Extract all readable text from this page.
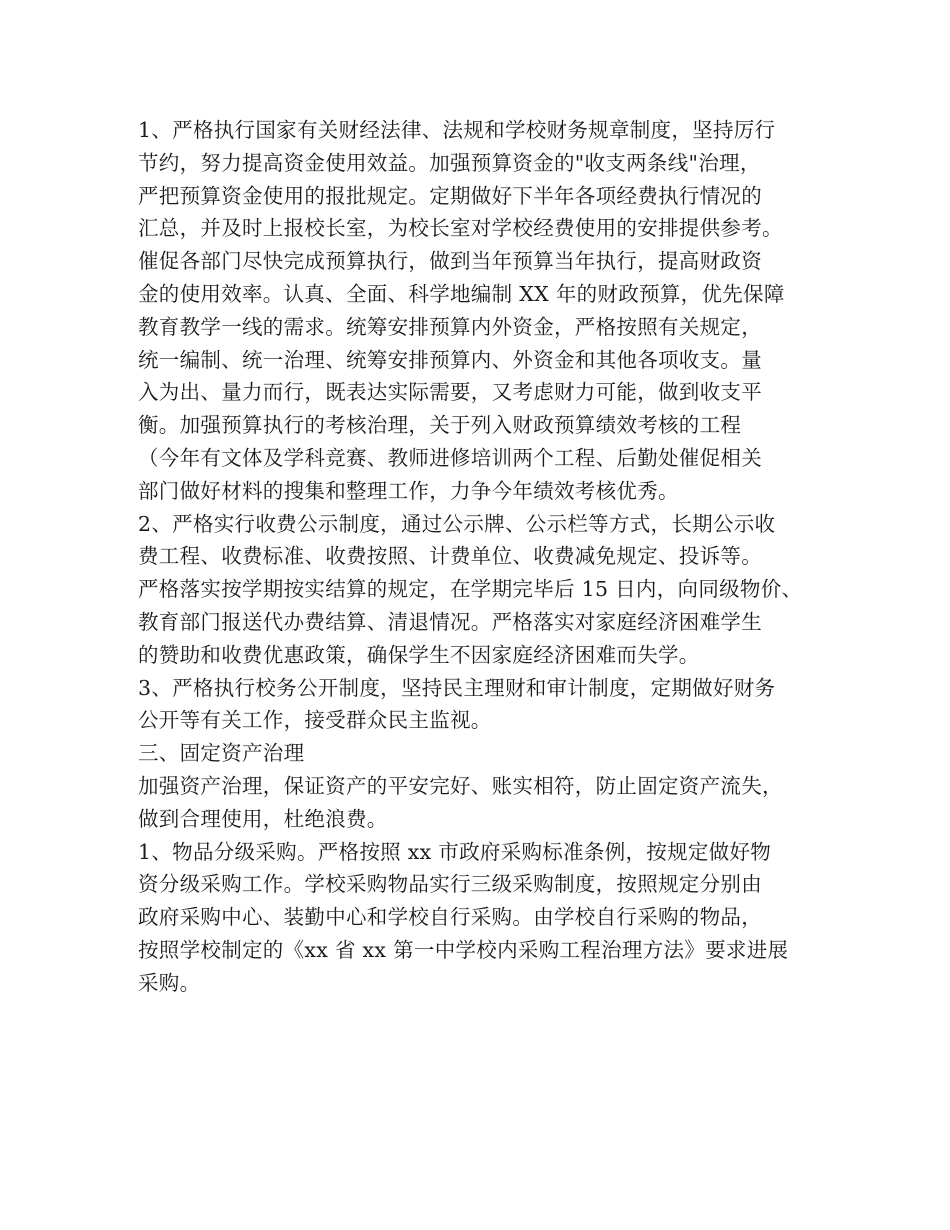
1、严格执行国家有关财经法律、法规和学校财务规章制度，坚持厉行
节约，努力提高资金使用效益。加强预算资金的"收支两条线"治理，
严把预算资金使用的报批规定。定期做好下半年各项经费执行情况的
汇总，并及时上报校长室，为校长室对学校经费使用的安排提供参考。
催促各部门尽快完成预算执行，做到当年预算当年执行，提高财政资
金的使用效率。认真、全面、科学地编制 XX 年的财政预算，优先保障
教育教学一线的需求。统筹安排预算内外资金，严格按照有关规定，
统一编制、统一治理、统筹安排预算内、外资金和其他各项收支。量
入为出、量力而行，既表达实际需要，又考虑财力可能，做到收支平
衡。加强预算执行的考核治理，关于列入财政预算绩效考核的工程
（今年有文体及学科竞赛、教师进修培训两个工程、后勤处催促相关
部门做好材料的搜集和整理工作，力争今年绩效考核优秀。

2、严格实行收费公示制度，通过公示牌、公示栏等方式，长期公示收
费工程、收费标准、收费按照、计费单位、收费减免规定、投诉等。
严格落实按学期按实结算的规定，在学期完毕后 15 日内，向同级物价、
教育部门报送代办费结算、清退情况。严格落实对家庭经济困难学生
的赞助和收费优惠政策，确保学生不因家庭经济困难而失学。

3、严格执行校务公开制度，坚持民主理财和审计制度，定期做好财务
公开等有关工作，接受群众民主监视。

三、固定资产治理

加强资产治理，保证资产的平安完好、账实相符，防止固定资产流失，
做到合理使用，杜绝浪费。

1、物品分级采购。严格按照 xx 市政府采购标准条例，按规定做好物
资分级采购工作。学校采购物品实行三级采购制度，按照规定分别由
政府采购中心、装勤中心和学校自行采购。由学校自行采购的物品，
按照学校制定的《xx 省 xx 第一中学校内采购工程治理方法》要求进展
采购。
